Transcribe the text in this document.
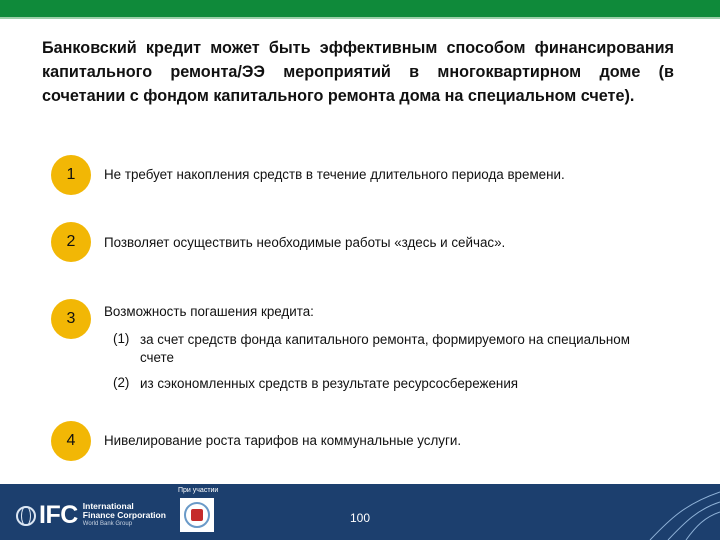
Банковский кредит может быть эффективным способом финансирования капитального ремонта/ЭЭ мероприятий в многоквартирном доме (в сочетании с фондом капитального ремонта дома на специальном счете).
1	Не требует накопления средств в течение длительного периода времени.
2	Позволяет осуществить необходимые работы «здесь и сейчас».
3	Возможность погашения кредита:
(1) за счет средств фонда капитального ремонта, формируемого на специальном счете
(2) из сэкономленных средств в результате ресурсосбережения
4	Нивелирование роста тарифов на коммунальные услуги.
IFC International
Finance Corporation
World Bank Group
При участии
100
